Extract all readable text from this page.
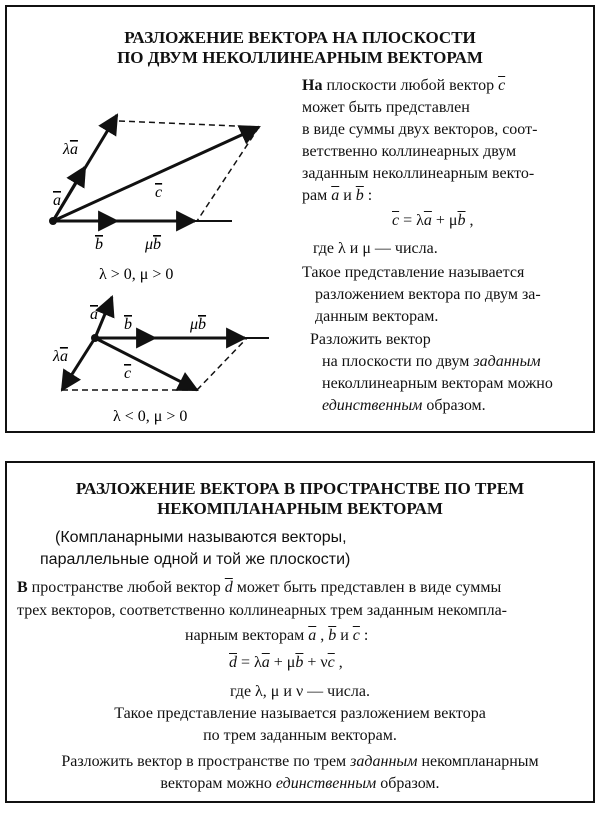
РАЗЛОЖЕНИЕ ВЕКТОРА НА ПЛОСКОСТИ
ПО ДВУМ НЕКОЛЛИНЕАРНЫМ ВЕКТОРАМ
На плоскости любой вектор $\overline{c}$
может быть представлен
в виде суммы двух векторов, соот-
ветственно коллинеарных двум
заданным неколлинеарным векто-
рам $\overline{a}$ и $\overline{b}$ :
$\overline{c} = \lambda\overline{a} + \mu\overline{b}$ ,
где λ и μ — числа.
Такое представление называется
разложением вектора по двум за-
данным векторам.
Разложить вектор
на плоскости по двум заданным
неколлинеарным векторам можно
единственным образом.
λa
a	c
b	μb
λ > 0, μ > 0
a
λa
b	μb
c
λ < 0, μ > 0
РАЗЛОЖЕНИЕ ВЕКТОРА В ПРОСТРАНСТВЕ ПО ТРЕМ
НЕКОМПЛАНАРНЫМ ВЕКТОРАМ
(Компланарными называются векторы,
параллельные одной и той же плоскости)
В пространстве любой вектор $\overline{d}$ может быть представлен в виде суммы
трех векторов, соответственно коллинеарных трем заданным некомпла-
нарным векторам $\overline{a}$ , $\overline{b}$ и $\overline{c}$ :
$\overline{d} = \lambda\overline{a} + \mu\overline{b} + \nu\overline{c}$ ,
где λ, μ и ν — числа.
Такое представление называется разложением вектора
по трем заданным векторам.
Разложить вектор в пространстве по трем заданным некомпланарным
векторам можно единственным образом.
